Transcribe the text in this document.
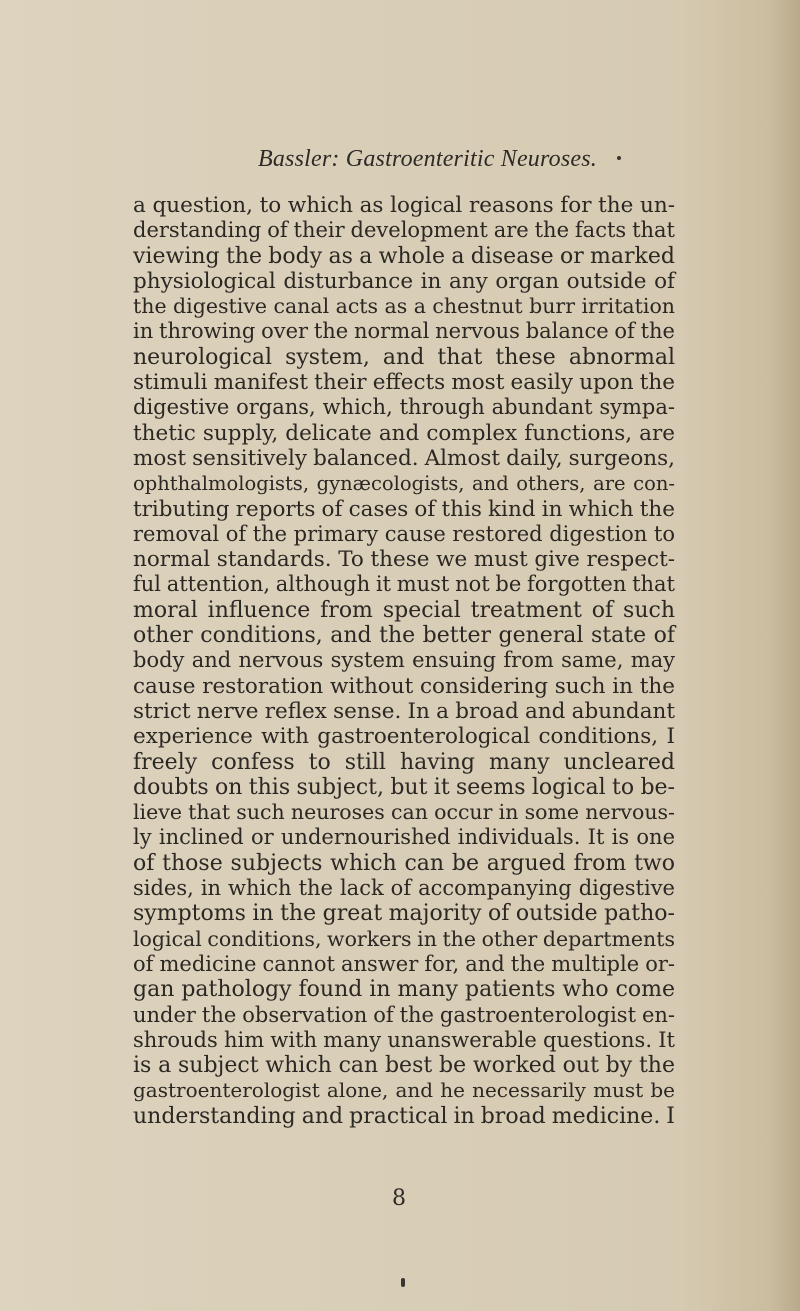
Bassler: Gastroenteritic Neuroses.
a question, to which as logical reasons for the un-
derstanding of their development are the facts that
viewing the body as a whole a disease or marked
physiological disturbance in any organ outside of
the digestive canal acts as a chestnut burr irritation
in throwing over the normal nervous balance of the
neurological system, and that these abnormal
stimuli manifest their effects most easily upon the
digestive organs, which, through abundant sympa-
thetic supply, delicate and complex functions, are
most sensitively balanced. Almost daily, surgeons,
ophthalmologists, gynæcologists, and others, are con-
tributing reports of cases of this kind in which the
removal of the primary cause restored digestion to
normal standards. To these we must give respect-
ful attention, although it must not be forgotten that
moral influence from special treatment of such
other conditions, and the better general state of
body and nervous system ensuing from same, may
cause restoration without considering such in the
strict nerve reflex sense. In a broad and abundant
experience with gastroenterological conditions, I
freely confess to still having many uncleared
doubts on this subject, but it seems logical to be-
lieve that such neuroses can occur in some nervous-
ly inclined or undernourished individuals. It is one
of those subjects which can be argued from two
sides, in which the lack of accompanying digestive
symptoms in the great majority of outside patho-
logical conditions, workers in the other departments
of medicine cannot answer for, and the multiple or-
gan pathology found in many patients who come
under the observation of the gastroenterologist en-
shrouds him with many unanswerable questions. It
is a subject which can best be worked out by the
gastroenterologist alone, and he necessarily must be
understanding and practical in broad medicine. I
8
